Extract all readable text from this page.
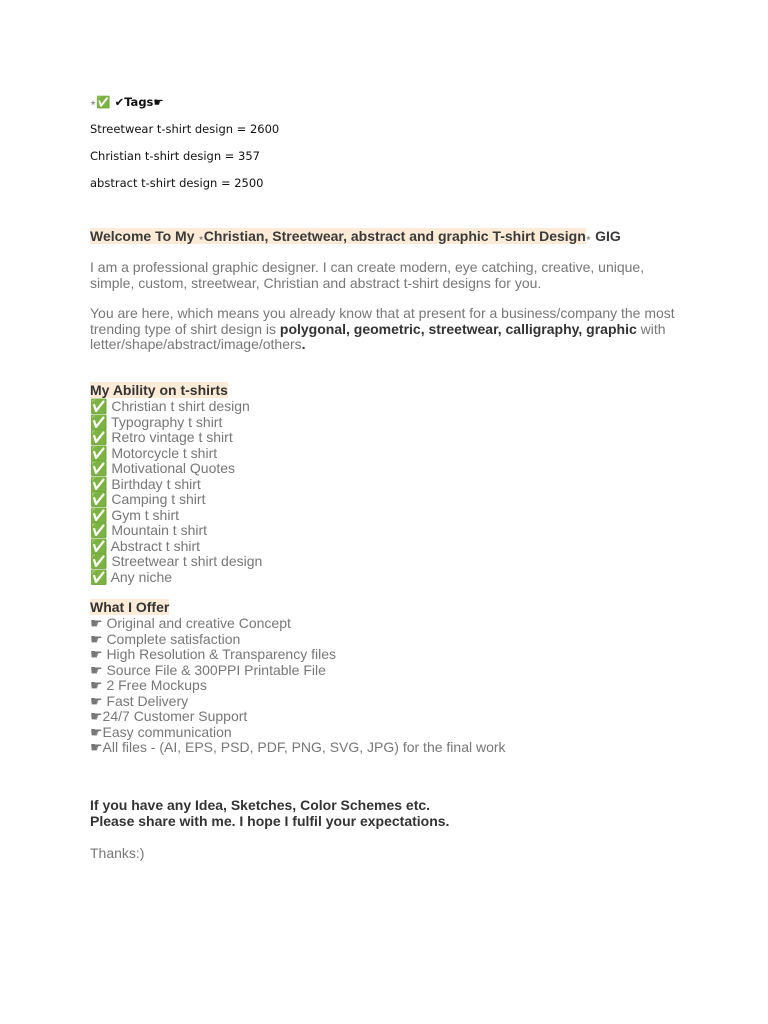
⭑✅ ✔Tags☛
Streetwear t-shirt design = 2600
Christian t-shirt design = 357
abstract t-shirt design = 2500
Welcome To My ⭑Christian, Streetwear, abstract and graphic T-shirt Design⭑ GIG
I am a professional graphic designer. I can create modern, eye catching, creative, unique, simple, custom, streetwear, Christian and abstract t-shirt designs for you.
You are here, which means you already know that at present for a business/company the most trending type of shirt design is polygonal, geometric, streetwear, calligraphy, graphic with letter/shape/abstract/image/others.
My Ability on t-shirts
✅ Christian t shirt design
✅ Typography t shirt
✅ Retro vintage t shirt
✅ Motorcycle t shirt
✅ Motivational Quotes
✅ Birthday t shirt
✅ Camping t shirt
✅ Gym t shirt
✅ Mountain t shirt
✅ Abstract t shirt
✅ Streetwear t shirt design
✅ Any niche
What I Offer
☛ Original and creative Concept
☛ Complete satisfaction
☛ High Resolution & Transparency files
☛ Source File & 300PPI Printable File
☛ 2 Free Mockups
☛ Fast Delivery
☛24/7 Customer Support
☛Easy communication
☛All files - (AI, EPS, PSD, PDF, PNG, SVG, JPG) for the final work
If you have any Idea, Sketches, Color Schemes etc.
Please share with me. I hope I fulfil your expectations.
Thanks:)
